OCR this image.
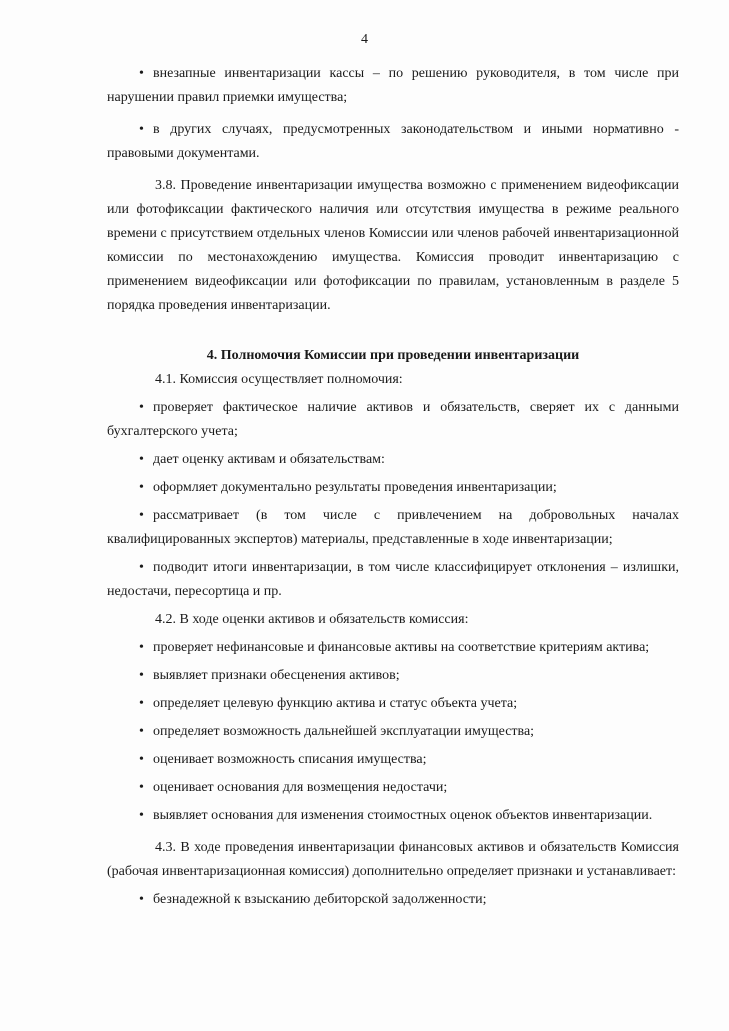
4

• внезапные инвентаризации кассы – по решению руководителя, в том числе при нарушении правил приемки имущества;

• в других случаях, предусмотренных законодательством и иными нормативно - правовыми документами.

3.8. Проведение инвентаризации имущества возможно с применением видеофиксации или фотофиксации фактического наличия или отсутствия имущества в режиме реального времени с присутствием отдельных членов Комиссии или членов рабочей инвентаризационной комиссии по местонахождению имущества. Комиссия проводит инвентаризацию с применением видеофиксации или фотофиксации по правилам, установленным в разделе 5 порядка проведения инвентаризации.

4. Полномочия Комиссии при проведении инвентаризации

4.1. Комиссия осуществляет полномочия:

• проверяет фактическое наличие активов и обязательств, сверяет их с данными бухгалтерского учета;

• дает оценку активам и обязательствам:

• оформляет документально результаты проведения инвентаризации;

• рассматривает (в том числе с привлечением на добровольных началах квалифицированных экспертов) материалы, представленные в ходе инвентаризации;

• подводит итоги инвентаризации, в том числе классифицирует отклонения – излишки, недостачи, пересортица и пр.

4.2. В ходе оценки активов и обязательств комиссия:

• проверяет нефинансовые и финансовые активы на соответствие критериям актива;

• выявляет признаки обесценения активов;

• определяет целевую функцию актива и статус объекта учета;

• определяет возможность дальнейшей эксплуатации имущества;

• оценивает возможность списания имущества;

• оценивает основания для возмещения недостачи;

• выявляет основания для изменения стоимостных оценок объектов инвентаризации.

4.3. В ходе проведения инвентаризации финансовых активов и обязательств Комиссия (рабочая инвентаризационная комиссия) дополнительно определяет признаки и устанавливает:

• безнадежной к взысканию дебиторской задолженности;
